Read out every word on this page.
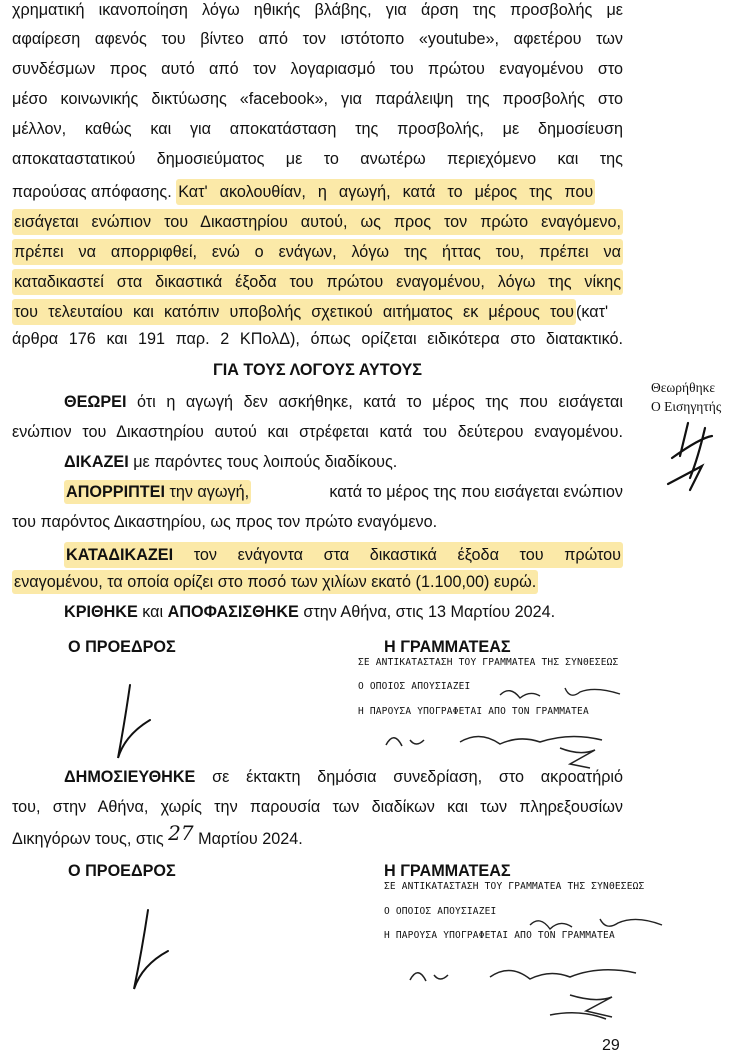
χρηματική ικανοποίηση λόγω ηθικής βλάβης, για άρση της προσβολής με
αφαίρεση αφενός του βίντεο από τον ιστότοπο «youtube», αφετέρου των
συνδέσμων προς αυτό από τον λογαριασμό του πρώτου εναγομένου στο
μέσο κοινωνικής δικτύωσης «facebook», για παράλειψη της προσβολής στο
μέλλον, καθώς και για αποκατάσταση της προσβολής, με δημοσίευση
αποκαταστατικού δημοσιεύματος με το ανωτέρω περιεχόμενο και της
παρούσας απόφασης. Κατ' ακολουθίαν, η αγωγή, κατά το μέρος της που
εισάγεται ενώπιον του Δικαστηρίου αυτού, ως προς τον πρώτο εναγόμενο,
πρέπει να απορριφθεί, ενώ ο ενάγων, λόγω της ήττας του, πρέπει να
καταδικαστεί στα δικαστικά έξοδα του πρώτου εναγομένου, λόγω της νίκης
του τελευταίου και κατόπιν υποβολής σχετικού αιτήματος εκ μέρους του (κατ'
άρθρα 176 και 191 παρ. 2 ΚΠολΔ), όπως ορίζεται ειδικότερα στο διατακτικό.
ΓΙΑ ΤΟΥΣ ΛΟΓΟΥΣ ΑΥΤΟΥΣ
Θεωρήθηκε
Ο Εισηγητής
ΘΕΩΡΕΙ ότι η αγωγή δεν ασκήθηκε, κατά το μέρος της που εισάγεται
ενώπιον του Δικαστηρίου αυτού και στρέφεται κατά του δεύτερου εναγομένου.
ΔΙΚΑΖΕΙ με παρόντες τους λοιπούς διαδίκους.
ΑΠΟΡΡΙΠΤΕΙ την αγωγή,	κατά το μέρος της που εισάγεται ενώπιον
του παρόντος Δικαστηρίου, ως προς τον πρώτο εναγόμενο.
ΚΑΤΑΔΙΚΑΖΕΙ τον ενάγοντα στα δικαστικά έξοδα του πρώτου
εναγομένου, τα οποία ορίζει στο ποσό των χιλίων εκατό (1.100,00) ευρώ.
ΚΡΙΘΗΚΕ και ΑΠΟΦΑΣΙΣΘΗΚΕ στην Αθήνα, στις 13 Μαρτίου 2024.
Ο ΠΡΟΕΔΡΟΣ	Η ΓΡΑΜΜΑΤΕΑΣ
ΣΕ ΑΝΤΙΚΑΤΑΣΤΑΣΗ ΤΟΥ ΓΡΑΜΜΑΤΕΑ ΤΗΣ ΣΥΝΘΕΣΕΩΣ
Ο ΟΠΟΙΟΣ ΑΠΟΥΣΙΑΖΕΙ
Η ΠΑΡΟΥΣΑ ΥΠΟΓΡΑΦΕΤΑΙ ΑΠΟ ΤΟΝ ΓΡΑΜΜΑΤΕΑ
ΔΗΜΟΣΙΕΥΘΗΚΕ σε έκτακτη δημόσια συνεδρίαση, στο ακροατήριό
του, στην Αθήνα, χωρίς την παρουσία των διαδίκων και των πληρεξουσίων
Δικηγόρων τους, στις 27 Μαρτίου 2024.
Ο ΠΡΟΕΔΡΟΣ	Η ΓΡΑΜΜΑΤΕΑΣ
ΣΕ ΑΝΤΙΚΑΤΑΣΤΑΣΗ ΤΟΥ ΓΡΑΜΜΑΤΕΑ ΤΗΣ ΣΥΝΘΕΣΕΩΣ
Ο ΟΠΟΙΟΣ ΑΠΟΥΣΙΑΖΕΙ
Η ΠΑΡΟΥΣΑ ΥΠΟΓΡΑΦΕΤΑΙ ΑΠΟ ΤΟΝ ΓΡΑΜΜΑΤΕΑ
29
